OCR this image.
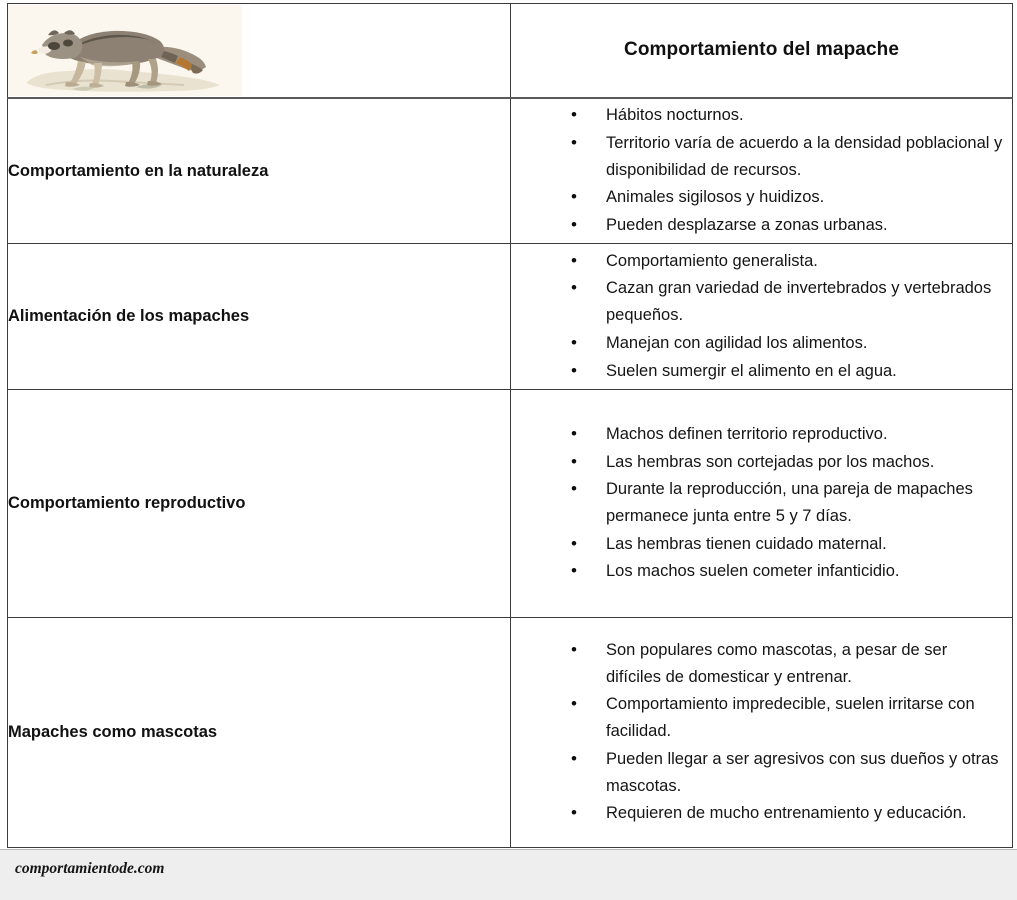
Comportamiento del mapache

Comportamiento en la naturaleza

• Hábitos nocturnos.
• Territorio varía de acuerdo a la densidad poblacional y disponibilidad de recursos.
• Animales sigilosos y huidizos.
• Pueden desplazarse a zonas urbanas.

Alimentación de los mapaches

• Comportamiento generalista.
• Cazan gran variedad de invertebrados y vertebrados pequeños.
• Manejan con agilidad los alimentos.
• Suelen sumergir el alimento en el agua.

Comportamiento reproductivo

• Machos definen territorio reproductivo.
• Las hembras son cortejadas por los machos.
• Durante la reproducción, una pareja de mapaches permanece junta entre 5 y 7 días.
• Las hembras tienen cuidado maternal.
• Los machos suelen cometer infanticidio.

Mapaches como mascotas

• Son populares como mascotas, a pesar de ser difíciles de domesticar y entrenar.
• Comportamiento impredecible, suelen irritarse con facilidad.
• Pueden llegar a ser agresivos con sus dueños y otras mascotas.
• Requieren de mucho entrenamiento y educación.
comportamientode.com
